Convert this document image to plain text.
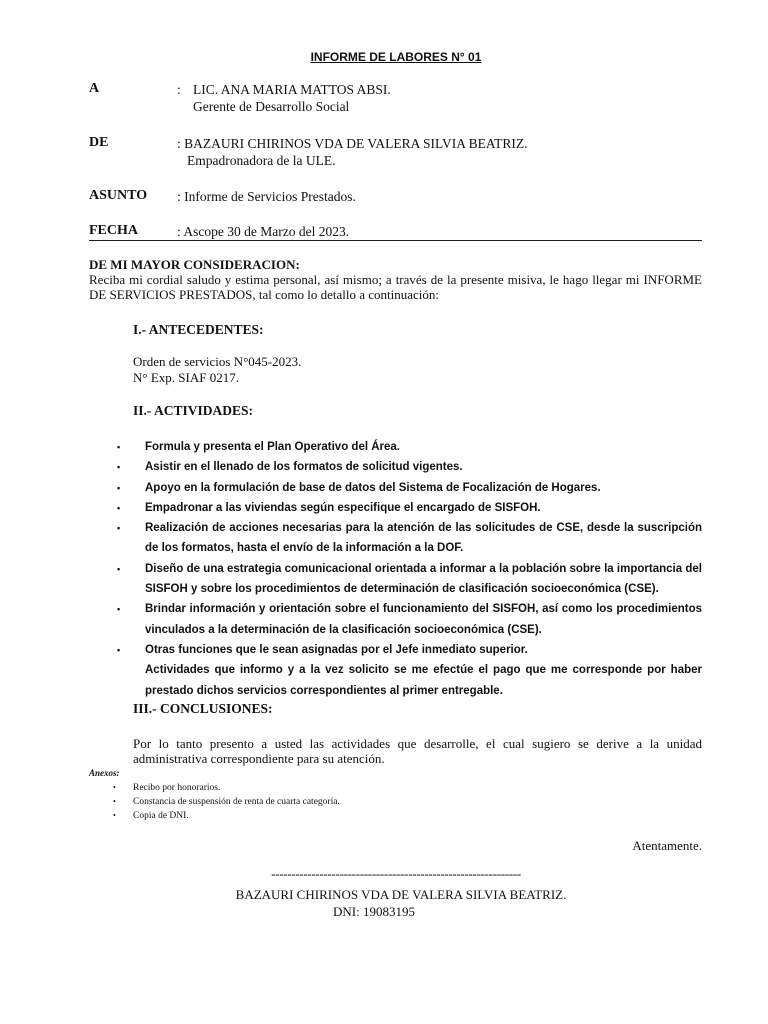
INFORME DE LABORES N° 01
A	: LIC. ANA MARIA MATTOS ABSI.
Gerente de Desarrollo Social
DE	: BAZAURI CHIRINOS VDA DE VALERA SILVIA BEATRIZ.
Empadronadora de la ULE.
ASUNTO : Informe de Servicios Prestados.
FECHA	: Ascope 30 de Marzo del 2023.
DE MI MAYOR CONSIDERACION:
Reciba mi cordial saludo y estima personal, así mismo; a través de la presente misiva, le hago llegar mi INFORME DE SERVICIOS PRESTADOS, tal como lo detallo a continuación:
I.- ANTECEDENTES:
Orden de servicios N°045-2023.
N° Exp. SIAF 0217.
II.- ACTIVIDADES:
• Formula y presenta el Plan Operativo del Área.
• Asistir en el llenado de los formatos de solicitud vigentes.
• Apoyo en la formulación de base de datos del Sistema de Focalización de Hogares.
• Empadronar a las viviendas según especifique el encargado de SISFOH.
• Realización de acciones necesarias para la atención de las solicitudes de CSE, desde la suscripción de los formatos, hasta el envío de la información a la DOF.
• Diseño de una estrategia comunicacional orientada a informar a la población sobre la importancia del SISFOH y sobre los procedimientos de determinación de clasificación socioeconómica (CSE).
• Brindar información y orientación sobre el funcionamiento del SISFOH, así como los procedimientos vinculados a la determinación de la clasificación socioeconómica (CSE).
• Otras funciones que le sean asignadas por el Jefe inmediato superior.
Actividades que informo y a la vez solicito se me efectúe el pago que me corresponde por haber prestado dichos servicios correspondientes al primer entregable.
III.- CONCLUSIONES:
Por lo tanto presento a usted las actividades que desarrolle, el cual sugiero se derive a la unidad administrativa correspondiente para su atención.
Anexos:
• Recibo por honorarios.
• Constancia de suspensión de renta de cuarta categoría.
• Copia de DNI.
Atentamente.
--------------------------------------------------------------
BAZAURI CHIRINOS VDA DE VALERA SILVIA BEATRIZ.
DNI: 19083195
